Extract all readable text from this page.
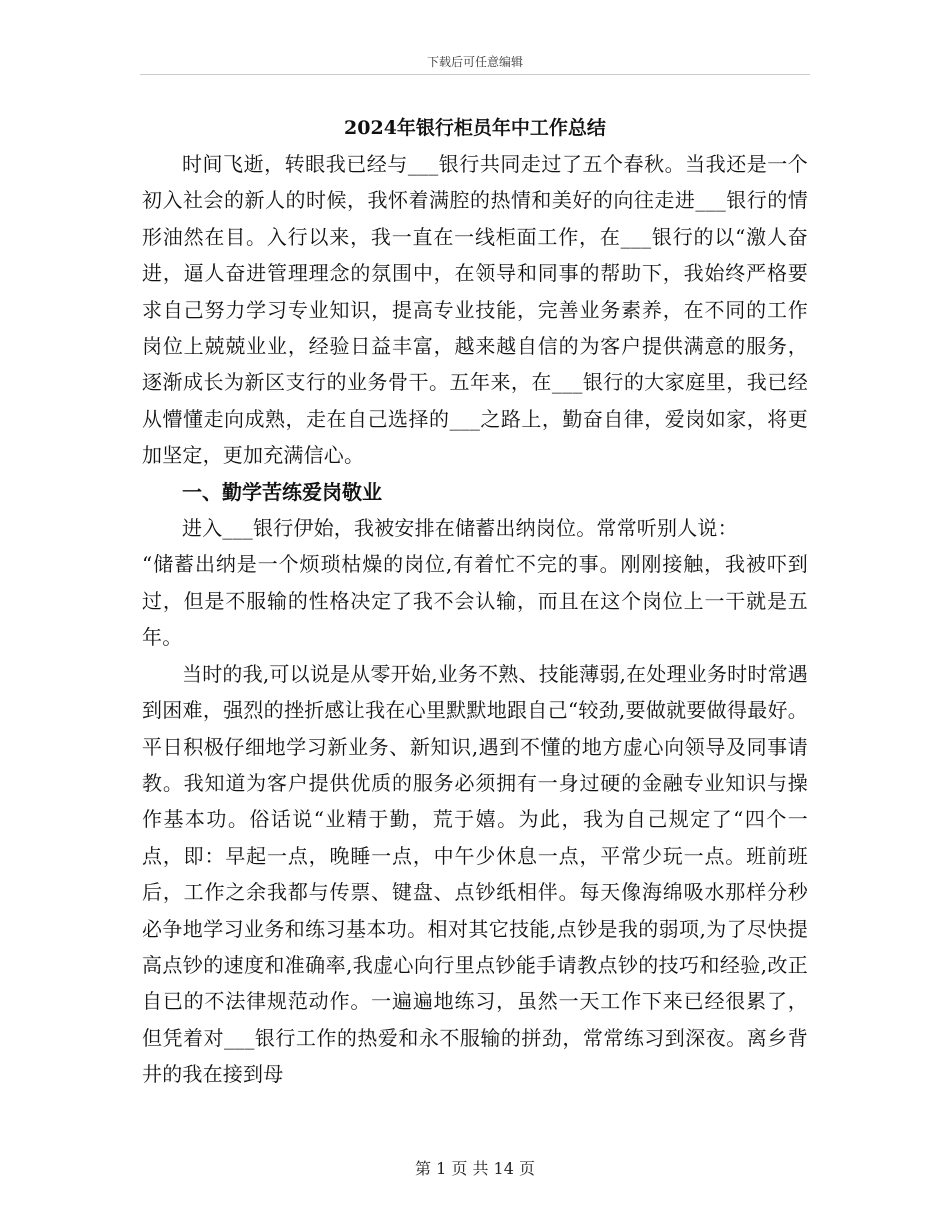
下载后可任意编辑
2024年银行柜员年中工作总结

时间飞逝，转眼我已经与___银行共同走过了五个春秋。当我还是一个初入社会的新人的时候，我怀着满腔的热情和美好的向往走进___银行的情形油然在目。入行以来，我一直在一线柜面工作，在___银行的以“激人奋进，逼人奋进管理理念的氛围中，在领导和同事的帮助下，我始终严格要求自己努力学习专业知识，提高专业技能，完善业务素养，在不同的工作岗位上兢兢业业，经验日益丰富，越来越自信的为客户提供满意的服务，逐渐成长为新区支行的业务骨干。五年来，在___银行的大家庭里，我已经从懵懂走向成熟，走在自己选择的___之路上，勤奋自律，爱岗如家，将更加坚定，更加充满信心。

一、勤学苦练爱岗敬业

进入___银行伊始，我被安排在储蓄出纳岗位。常常听别人说：

“储蓄出纳是一个烦琐枯燥的岗位,有着忙不完的事。刚刚接触，我被吓到过，但是不服输的性格决定了我不会认输，而且在这个岗位上一干就是五年。

当时的我,可以说是从零开始,业务不熟、技能薄弱,在处理业务时时常遇到困难，强烈的挫折感让我在心里默默地跟自己“较劲,要做就要做得最好。平日积极仔细地学习新业务、新知识,遇到不懂的地方虚心向领导及同事请教。我知道为客户提供优质的服务必须拥有一身过硬的金融专业知识与操作基本功。俗话说“业精于勤，荒于嬉。为此，我为自己规定了“四个一点，即：早起一点，晚睡一点，中午少休息一点，平常少玩一点。班前班后，工作之余我都与传票、键盘、点钞纸相伴。每天像海绵吸水那样分秒必争地学习业务和练习基本功。相对其它技能,点钞是我的弱项,为了尽快提高点钞的速度和准确率,我虚心向行里点钞能手请教点钞的技巧和经验,改正自已的不法律规范动作。一遍遍地练习，虽然一天工作下来已经很累了，但凭着对___银行工作的热爱和永不服输的拼劲，常常练习到深夜。离乡背井的我在接到母

第 1 页 共 14 页
